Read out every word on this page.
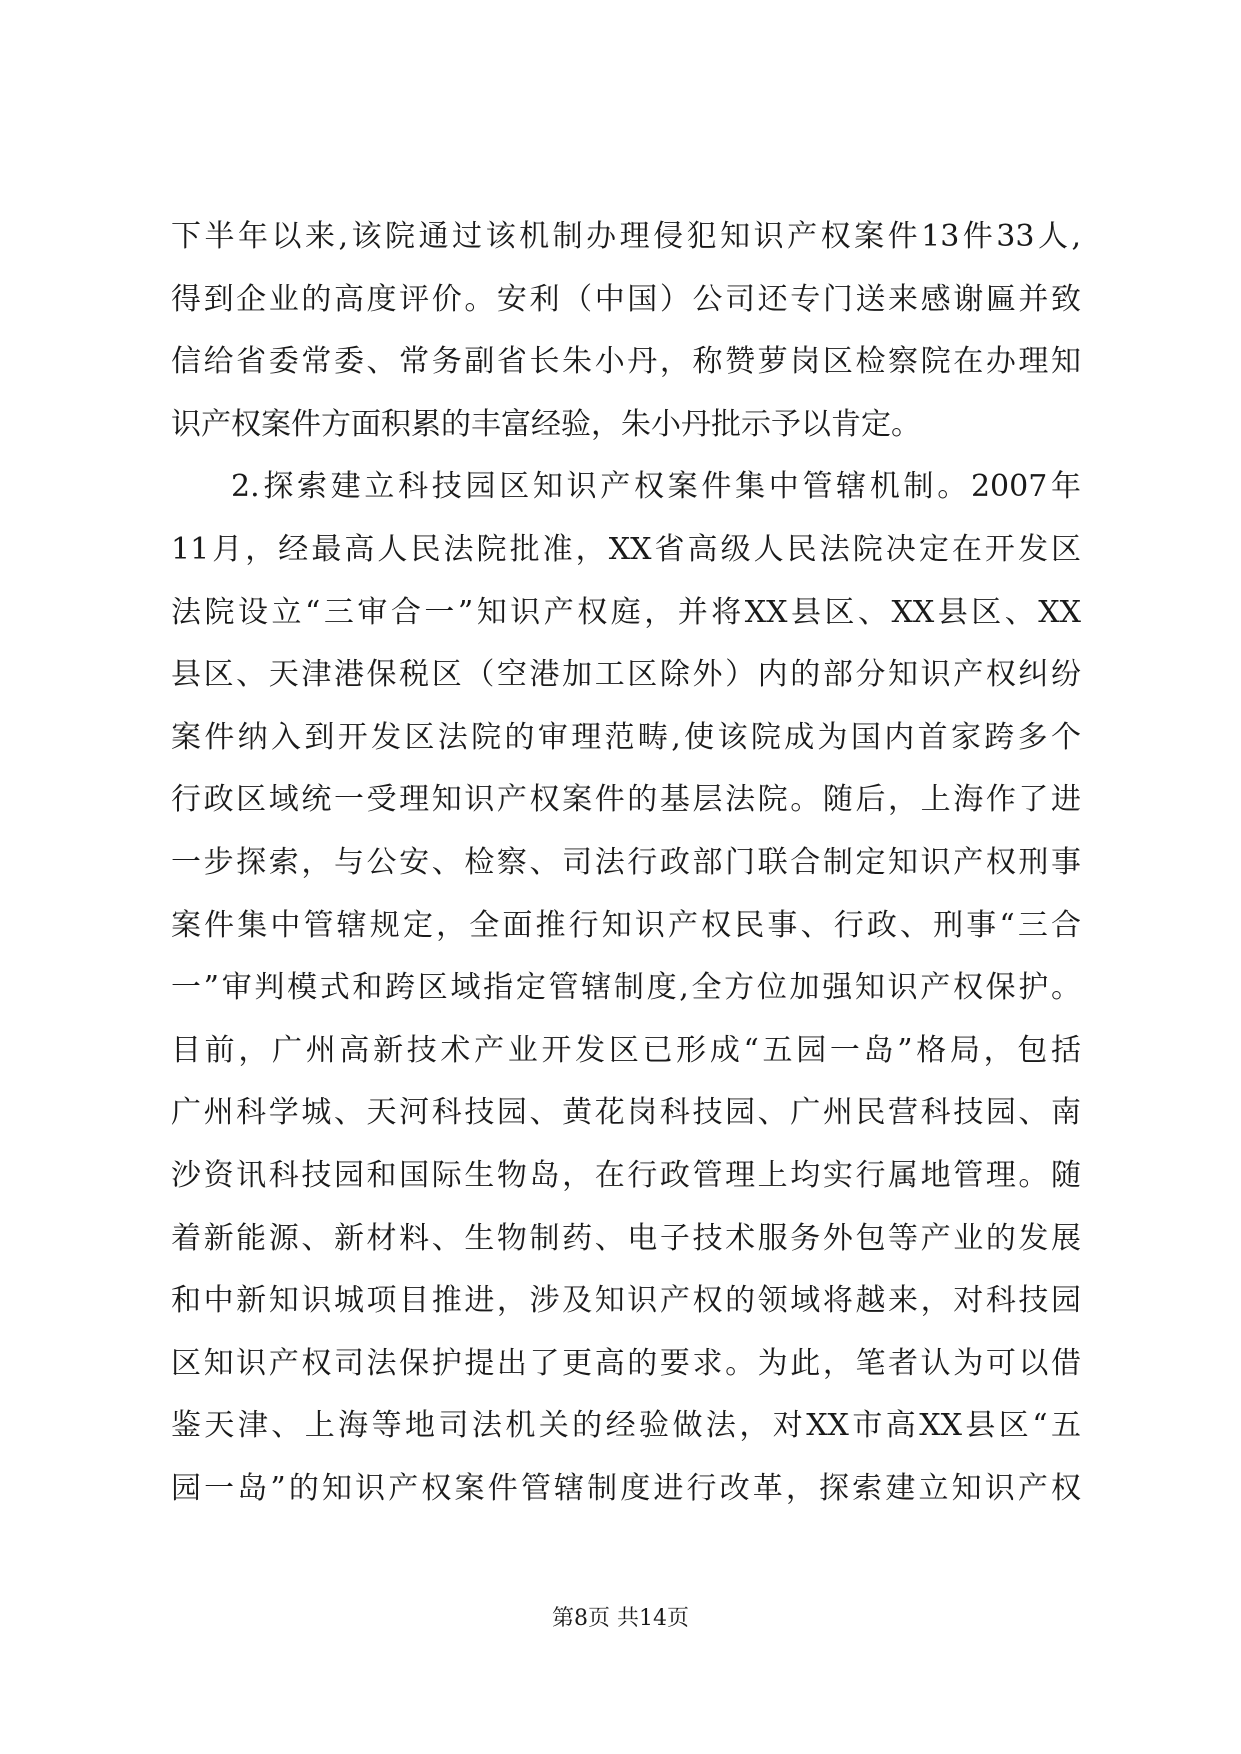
下半年以来,该院通过该机制办理侵犯知识产权案件13件33人,
得到企业的高度评价。安利（中国）公司还专门送来感谢匾并致
信给省委常委、常务副省长朱小丹，称赞萝岗区检察院在办理知
识产权案件方面积累的丰富经验，朱小丹批示予以肯定。
2.探索建立科技园区知识产权案件集中管辖机制。2007年
11月，经最高人民法院批准，XX省高级人民法院决定在开发区
法院设立“三审合一”知识产权庭，并将XX县区、XX县区、XX
县区、天津港保税区（空港加工区除外）内的部分知识产权纠纷
案件纳入到开发区法院的审理范畴,使该院成为国内首家跨多个
行政区域统一受理知识产权案件的基层法院。随后，上海作了进
一步探索，与公安、检察、司法行政部门联合制定知识产权刑事
案件集中管辖规定，全面推行知识产权民事、行政、刑事“三合
一”审判模式和跨区域指定管辖制度,全方位加强知识产权保护。
目前，广州高新技术产业开发区已形成“五园一岛”格局，包括
广州科学城、天河科技园、黄花岗科技园、广州民营科技园、南
沙资讯科技园和国际生物岛，在行政管理上均实行属地管理。随
着新能源、新材料、生物制药、电子技术服务外包等产业的发展
和中新知识城项目推进，涉及知识产权的领域将越来，对科技园
区知识产权司法保护提出了更高的要求。为此，笔者认为可以借
鉴天津、上海等地司法机关的经验做法，对XX市高XX县区“五
园一岛”的知识产权案件管辖制度进行改革，探索建立知识产权
第8页 共14页
